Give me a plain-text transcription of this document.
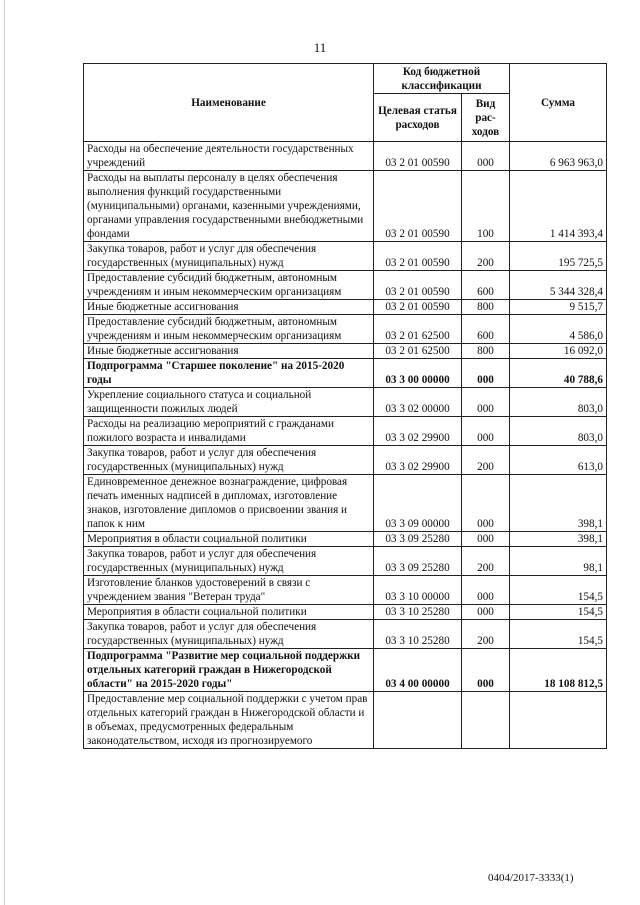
11
Наименование	Код бюджетной классификации		Сумма
	Целевая статья расходов	Вид рас- ходов	
Расходы на обеспечение деятельности государственных учреждений	03 2 01 00590	000	6 963 963,0
Расходы на выплаты персоналу в целях обеспечения выполнения функций государственными (муниципальными) органами, казенными учреждениями, органами управления государственными внебюджетными фондами	03 2 01 00590	100	1 414 393,4
Закупка товаров, работ и услуг для обеспечения государственных (муниципальных) нужд	03 2 01 00590	200	195 725,5
Предоставление субсидий бюджетным, автономным учреждениям и иным некоммерческим организациям	03 2 01 00590	600	5 344 328,4
Иные бюджетные ассигнования	03 2 01 00590	800	9 515,7
Предоставление субсидий бюджетным, автономным учреждениям и иным некоммерческим организациям	03 2 01 62500	600	4 586,0
Иные бюджетные ассигнования	03 2 01 62500	800	16 092,0
Подпрограмма "Старшее поколение" на 2015-2020 годы	03 3 00 00000	000	40 788,6
Укрепление социального статуса и социальной защищенности пожилых людей	03 3 02 00000	000	803,0
Расходы на реализацию мероприятий с гражданами пожилого возраста и инвалидами	03 3 02 29900	000	803,0
Закупка товаров, работ и услуг для обеспечения государственных (муниципальных) нужд	03 3 02 29900	200	613,0
Единовременное денежное вознаграждение, цифровая печать именных надписей в дипломах, изготовление знаков, изготовление дипломов о присвоении звания и папок к ним	03 3 09 00000	000	398,1
Мероприятия в области социальной политики	03 3 09 25280	000	398,1
Закупка товаров, работ и услуг для обеспечения государственных (муниципальных) нужд	03 3 09 25280	200	98,1
Изготовление бланков удостоверений в связи с учреждением звания "Ветеран труда"	03 3 10 00000	000	154,5
Мероприятия в области социальной политики	03 3 10 25280	000	154,5
Закупка товаров, работ и услуг для обеспечения государственных (муниципальных) нужд	03 3 10 25280	200	154,5
Подпрограмма "Развитие мер социальной поддержки отдельных категорий граждан в Нижегородской области" на 2015-2020 годы"	03 4 00 00000	000	18 108 812,5
Предоставление мер социальной поддержки с учетом прав отдельных категорий граждан в Нижегородской области и в объемах, предусмотренных федеральным законодательством, исходя из прогнозируемого			
0404/2017-3333(1)
